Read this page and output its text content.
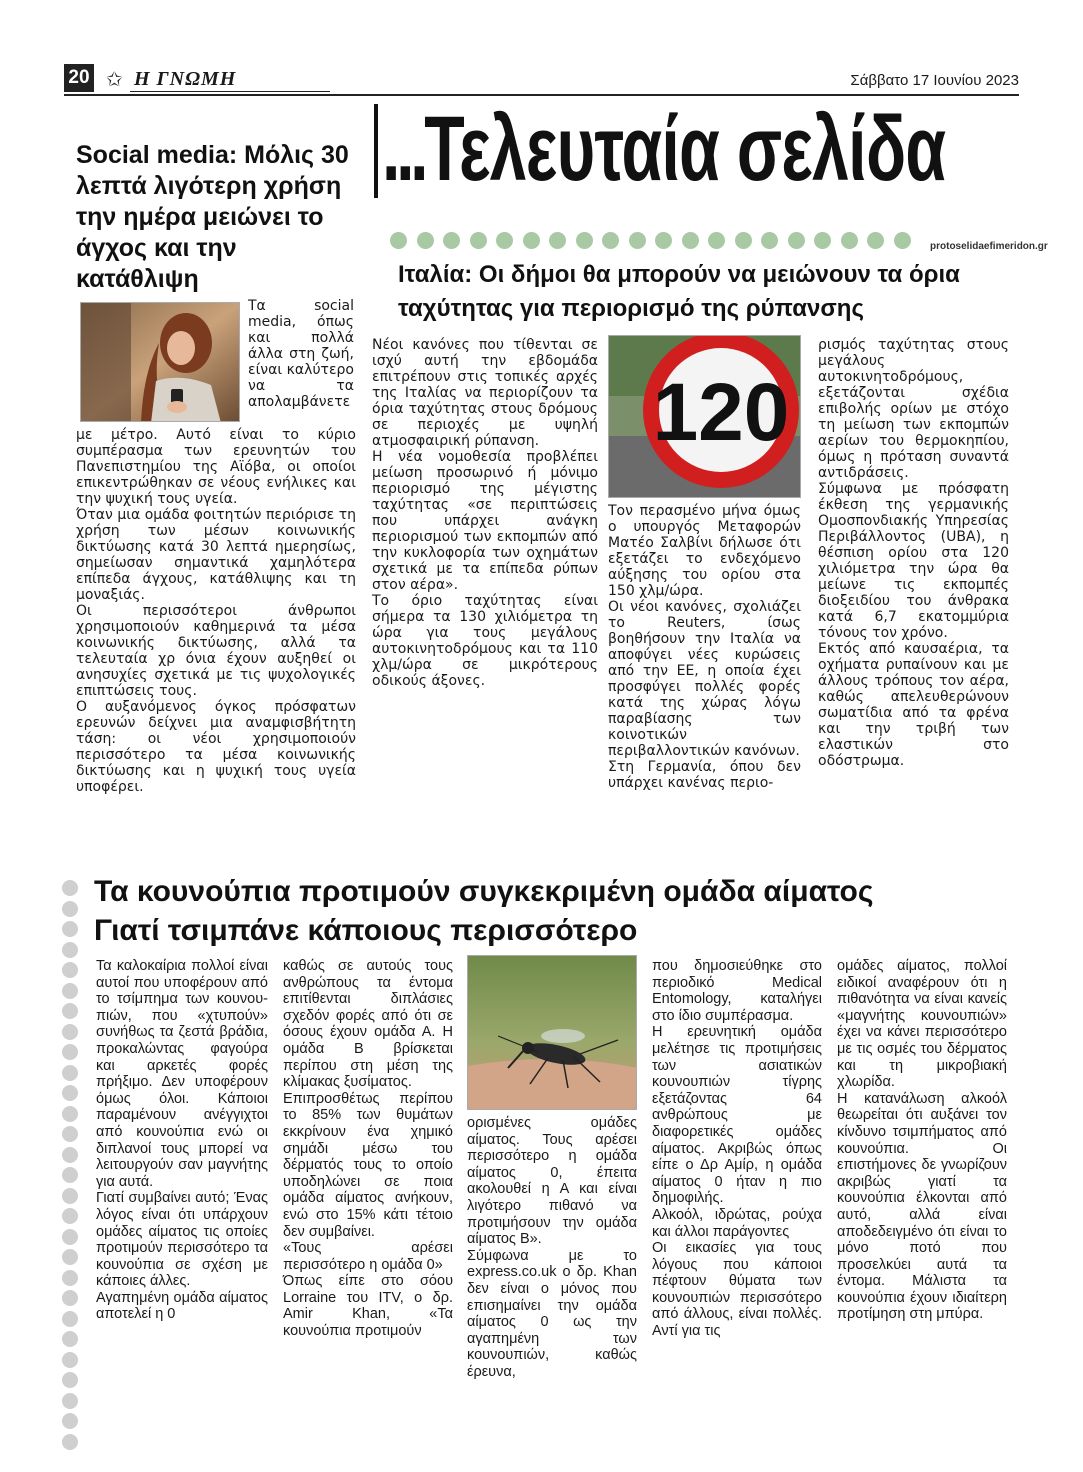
20 ✩ Η ΓΝΩΜΗ	Σάββατο 17 Ιουνίου 2023
...Τελευταία σελίδα
protoselidaefimeridon.gr
Social media: Μόλις 30 λεπτά λιγότερη χρήση την ημέρα μειώνει το άγχος και την κατάθλιψη
Τα social media, όπως και πολλά άλλα στη ζωή, είναι καλύτερο να τα απολαμβάνετε

με μέτρο. Αυτό είναι το κύριο συμπέρασμα των ερευνητών του Πανεπιστημίου της Αϊόβα, οι οποίοι επικεντρώθηκαν σε νέους ενήλικες και την ψυχική τους υγεία.

Όταν μια ομάδα φοιτητών περιόρισε τη χρήση των μέσων κοινωνικής δικτύωσης κατά 30 λεπτά ημερησίως, σημείωσαν σημαντικά χαμηλότερα επίπεδα άγχους, κατάθλιψης και τη μοναξιάς.

Οι περισσότεροι άνθρωποι χρησιμοποιούν καθημερινά τα μέσα κοινωνικής δικτύωσης, αλλά τα τελευταία χρ όνια έχουν αυξηθεί οι ανησυχίες σχετικά με τις ψυχολογικές επιπτώσεις τους.

Ο αυξανόμενος όγκος πρόσφατων ερευνών δείχνει μια αναμφισβήτητη τάση: οι νέοι χρησιμοποιούν περισσότερο τα μέσα κοινωνικής δικτύωσης και η ψυχική τους υγεία υποφέρει.

Ιταλία: Οι δήμοι θα μπορούν να μειώνουν τα όρια ταχύτητας για περιορισμό της ρύπανσης

Νέοι κανόνες που τίθενται σε ισχύ αυτή την εβδομάδα επιτρέπουν στις τοπικές αρχές της Ιταλίας να περιορίζουν τα όρια ταχύτητας στους δρόμους σε περιοχές με υψηλή ατμοσφαιρική ρύπανση.

Η νέα νομοθεσία προβλέπει μείωση προσωρινό ή μόνιμο περιορισμό της μέγιστης ταχύτητας «σε περιπτώσεις που υπάρχει ανάγκη περιορισμού των εκπομπών από την κυκλοφορία των οχημάτων σχετικά με τα επίπεδα ρύπων στον αέρα».

Το όριο ταχύτητας είναι σήμερα τα 130 χιλιόμετρα τη ώρα για τους μεγάλους αυτοκινητοδρόμους και τα 110 χλμ/ώρα σε μικρότερους οδικούς άξονες.

120

Τον περασμένο μήνα όμως ο υπουργός Μεταφορών Ματέο Σαλβίνι δήλωσε ότι εξετάζει το ενδεχόμενο αύξησης του ορίου στα 150 χλμ/ώρα.

Οι νέοι κανόνες, σχολιάζει το Reuters, ίσως βοηθήσουν την Ιταλία να αποφύγει νέες κυρώσεις από την ΕΕ, η οποία έχει προσφύγει πολλές φορές κατά της χώρας λόγω παραβίασης των κοινοτικών περιβαλλοντικών κανόνων.

Στη Γερμανία, όπου δεν υπάρχει κανένας περιο-

ρισμός ταχύτητας στους μεγάλους αυτοκινητοδρόμους, εξετάζονται σχέδια επιβολής ορίων με στόχο τη μείωση των εκπομπών αερίων του θερμοκηπίου, όμως η πρόταση συναντά αντιδράσεις.

Σύμφωνα με πρόσφατη έκθεση της γερμανικής Ομοσπονδιακής Υπηρεσίας Περιβάλλοντος (UBA), η θέσπιση ορίου στα 120 χιλιόμετρα την ώρα θα μείωνε τις εκπομπές διοξειδίου του άνθρακα κατά 6,7 εκατομμύρια τόνους τον χρόνο.

Εκτός από καυσαέρια, τα οχήματα ρυπαίνουν και με άλλους τρόπους τον αέρα, καθώς απελευθερώνουν σωματίδια από τα φρένα και την τριβή των ελαστικών στο οδόστρωμα.

Τα κουνούπια προτιμούν συγκεκριμένη ομάδα αίματος
Γιατί τσιμπάνε κάποιους περισσότερο

Τα καλοκαίρια πολλοί είναι αυτοί που υποφέρουν από το τσίμπημα των κουνου- πιών, που «χτυπούν» συνήθως τα ζεστά βράδια, προκαλώντας φαγούρα και αρκετές φορές πρήξιμο. Δεν υποφέρουν όμως όλοι. Κάποιοι παραμένουν ανέγγιχτοι από κουνούπια ενώ οι διπλανοί τους μπορεί να λειτουργούν σαν μαγνήτης για αυτά.

Γιατί συμβαίνει αυτό; Ένας λόγος είναι ότι υπάρχουν ομάδες αίματος τις οποίες προτιμούν περισσότερο τα κουνούπια σε σχέση με κάποιες άλλες.

Αγαπημένη ομάδα αίματος αποτελεί η 0

καθώς σε αυτούς τους ανθρώπους τα έντομα επιτίθενται διπλάσιες σχεδόν φορές από ότι σε όσους έχουν ομάδα Α. Η ομάδα Β βρίσκεται περίπου στη μέση της κλίμακας ξυσίματος.

Επιπροσθέτως περίπου το 85% των θυμάτων εκκρίνουν ένα χημικό σημάδι μέσω του δέρματός τους το οποίο υποδηλώνει σε ποια ομάδα αίματος ανήκουν, ενώ στο 15% κάτι τέτοιο δεν συμβαίνει.

«Τους αρέσει περισσότερο η ομάδα 0»

Όπως είπε στο σόου Lorraine του ITV, ο δρ. Amir Khan, «Τα κουνούπια προτιμούν

ορισμένες ομάδες αίματος. Τους αρέσει περισσότερο η ομάδα αίματος 0, έπειτα ακολουθεί η Α και είναι λιγότερο πιθανό να προτιμήσουν την ομάδα αίματος Β».

Σύμφωνα με το express.co.uk ο δρ. Khan δεν είναι ο μόνος που επισημαίνει την ομάδα αίματος 0 ως την αγαπημένη των κουνουπιών, καθώς έρευνα,

που δημοσιεύθηκε στο περιοδικό Medical Entomology, καταλήγει στο ίδιο συμπέρασμα.

Η ερευνητική ομάδα μελέτησε τις προτιμήσεις των ασιατικών κουνουπιών τίγρης εξετάζοντας 64 ανθρώπους με διαφορετικές ομάδες αίματος. Ακριβώς όπως είπε ο Δρ Αμίρ, η ομάδα αίματος 0 ήταν η πιο δημοφιλής.

Αλκοόλ, ιδρώτας, ρούχα και άλλοι παράγοντες

Οι εικασίες για τους λόγους που κάποιοι πέφτουν θύματα των κουνουπιών περισσότερο από άλλους, είναι πολλές. Αντί για τις

ομάδες αίματος, πολλοί ειδικοί αναφέρουν ότι η πιθανότητα να είναι κανείς «μαγνήτης κουνουπιών» έχει να κάνει περισσότερο με τις οσμές του δέρματος και τη μικροβιακή χλωρίδα.

Η κατανάλωση αλκοόλ θεωρείται ότι αυξάνει τον κίνδυνο τσιμπήματος από κουνούπια. Οι επιστήμονες δε γνωρίζουν ακριβώς γιατί τα κουνούπια έλκονται από αυτό, αλλά είναι αποδεδειγμένο ότι είναι το μόνο ποτό που προσελκύει αυτά τα έντομα. Μάλιστα τα κουνούπια έχουν ιδιαίτερη προτίμηση στη μπύρα.
